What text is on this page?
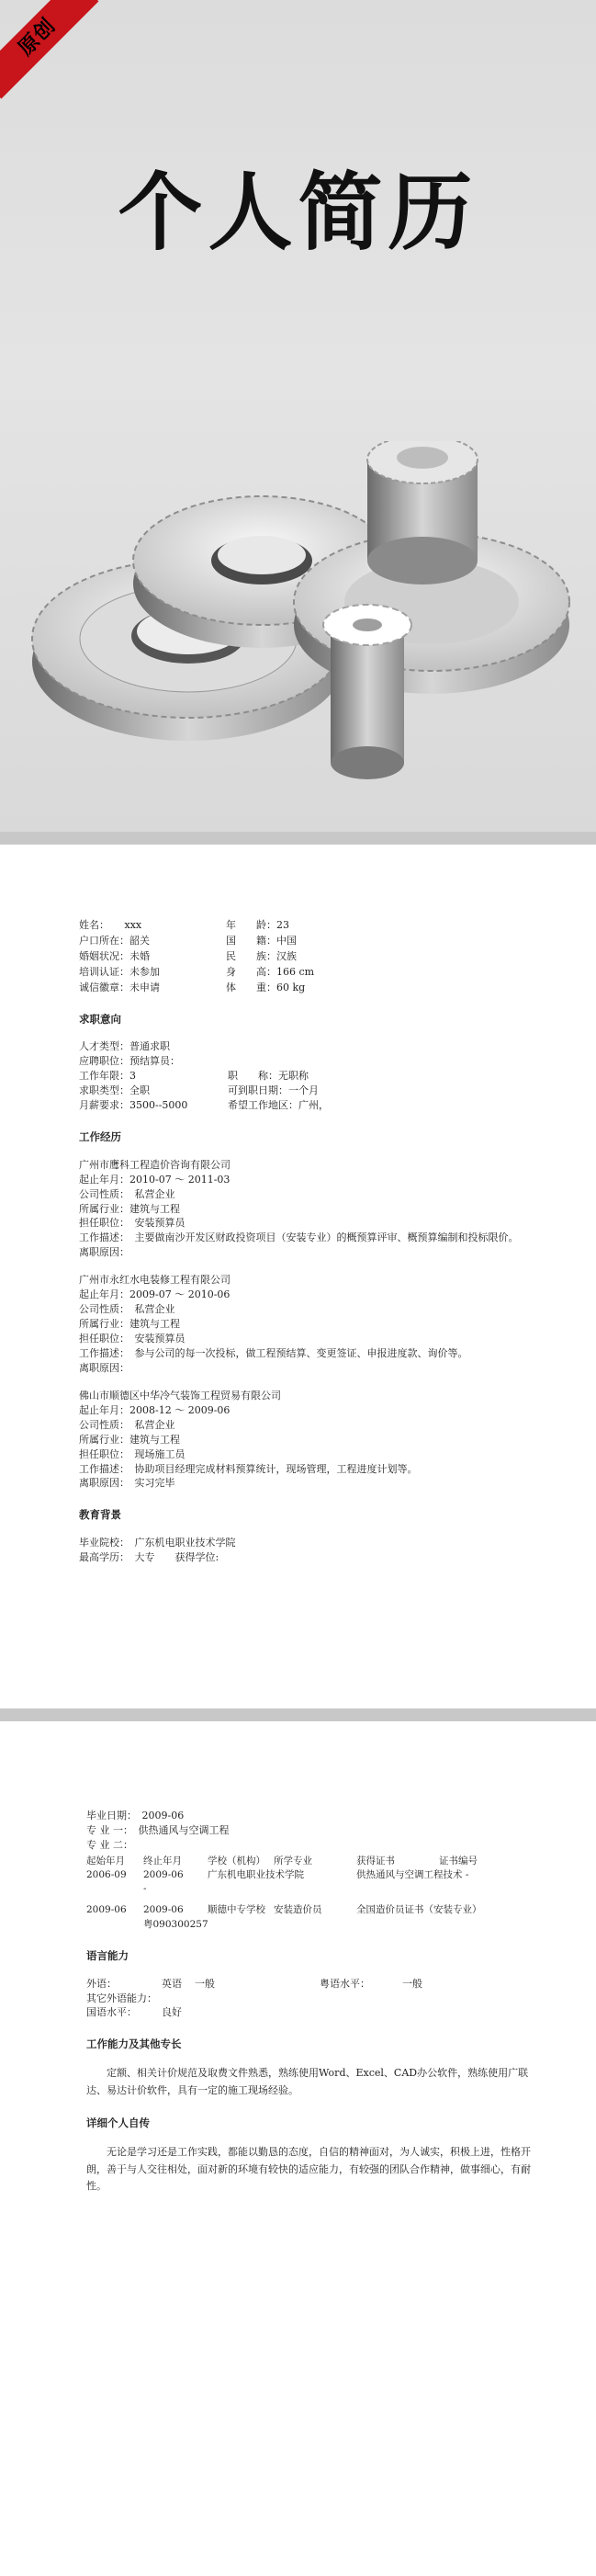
原创
个人简历
姓名：　　xxx	年　　龄：23
户口所在：韶关	国　　籍：中国
婚姻状况：未婚	民　　族：汉族
培训认证：未参加	身　　高：166 cm
诚信徽章：未申请	体　　重：60 kg
求职意向

人才类型：普通求职

应聘职位：预结算员：

工作年限：3	职　　称：无职称
求职类型：全职	可到职日期：一个月
月薪要求：3500--5000	希望工作地区：广州，
工作经历

广州市鹰科工程造价咨询有限公司

起止年月：2010-07 ～ 2011-03

公司性质：　私营企业

所属行业：建筑与工程

担任职位：　安装预算员

工作描述：　主要做南沙开发区财政投资项目（安装专业）的概预算评审、概预算编制和投标限价。

离职原因：

广州市永红水电装修工程有限公司

起止年月：2009-07 ～ 2010-06

公司性质：　私营企业

所属行业：建筑与工程

担任职位：　安装预算员

工作描述：　参与公司的每一次投标，做工程预结算、变更签证、申报进度款、询价等。

离职原因：

佛山市顺德区中华冷气装饰工程贸易有限公司

起止年月：2008-12 ～ 2009-06

公司性质：　私营企业

所属行业：建筑与工程

担任职位：　现场施工员

工作描述：　协助项目经理完成材料预算统计，现场管理，工程进度计划等。

离职原因：　实习完毕

教育背景

毕业院校：　广东机电职业技术学院

最高学历：　大专　　获得学位:

毕业日期：　2009-06

专 业 一：　供热通风与空调工程

专 业 二：

起始年月	终止年月	学校（机构）	所学专业	获得证书	证书编号
2006-09	2009-06	广东机电职业技术学院		供热通风与空调工程技术 -	
	-				

2009-06	2009-06	顺德中专学校	安装造价员	全国造价员证书（安装专业）	
	粤090300257				
语言能力
外语：	英语	一般	粤语水平：	一般

其它外语能力：

国语水平：	良好
工作能力及其他专长

定额、相关计价规范及取费文件熟悉，熟练使用Word、Excel、CAD办公软件，熟练使用广联达、易达计价软件，具有一定的施工现场经验。

详细个人自传

无论是学习还是工作实践，都能以勤恳的态度，自信的精神面对，为人诚实，积极上进，性格开朗，善于与人交往相处，面对新的环境有较快的适应能力，有较强的团队合作精神，做事细心，有耐性。
